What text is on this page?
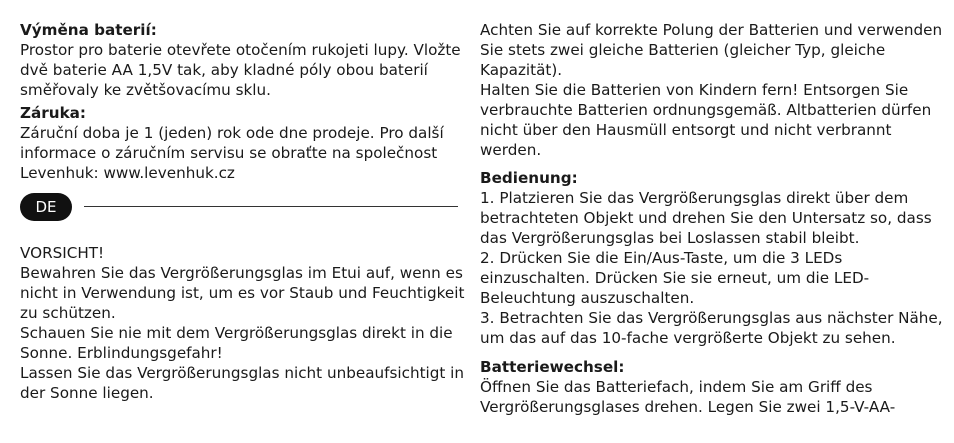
Výměna baterií:

Prostor pro baterie otevřete otočením rukojeti lupy. Vložte dvě baterie AA 1,5V tak, aby kladné póly obou baterií směřovaly ke zvětšovacímu sklu.

Záruka:

Záruční doba je 1 (jeden) rok ode dne prodeje. Pro další informace o záručním servisu se obraťte na společnost Levenhuk: www.levenhuk.cz

DE

VORSICHT!

Bewahren Sie das Vergrößerungsglas im Etui auf, wenn es nicht in Verwendung ist, um es vor Staub und Feuchtigkeit zu schützen.

Schauen Sie nie mit dem Vergrößerungsglas direkt in die Sonne. Erblindungsgefahr!

Lassen Sie das Vergrößerungsglas nicht unbeaufsichtigt in der Sonne liegen.

Achten Sie auf korrekte Polung der Batterien und verwenden Sie stets zwei gleiche Batterien (gleicher Typ, gleiche Kapazität).

Halten Sie die Batterien von Kindern fern! Entsorgen Sie verbrauchte Batterien ordnungsgemäß. Altbatterien dürfen nicht über den Hausmüll entsorgt und nicht verbrannt werden.

Bedienung:

1. Platzieren Sie das Vergrößerungsglas direkt über dem betrachteten Objekt und drehen Sie den Untersatz so, dass das Vergrößerungsglas bei Loslassen stabil bleibt.

2. Drücken Sie die Ein/Aus-Taste, um die 3 LEDs einzuschalten. Drücken Sie sie erneut, um die LED-Beleuchtung auszuschalten.

3. Betrachten Sie das Vergrößerungsglas aus nächster Nähe, um das auf das 10-fache vergrößerte Objekt zu sehen.

Batteriewechsel:

Öffnen Sie das Batteriefach, indem Sie am Griff des Vergrößerungsglases drehen. Legen Sie zwei 1,5-V-AA-
